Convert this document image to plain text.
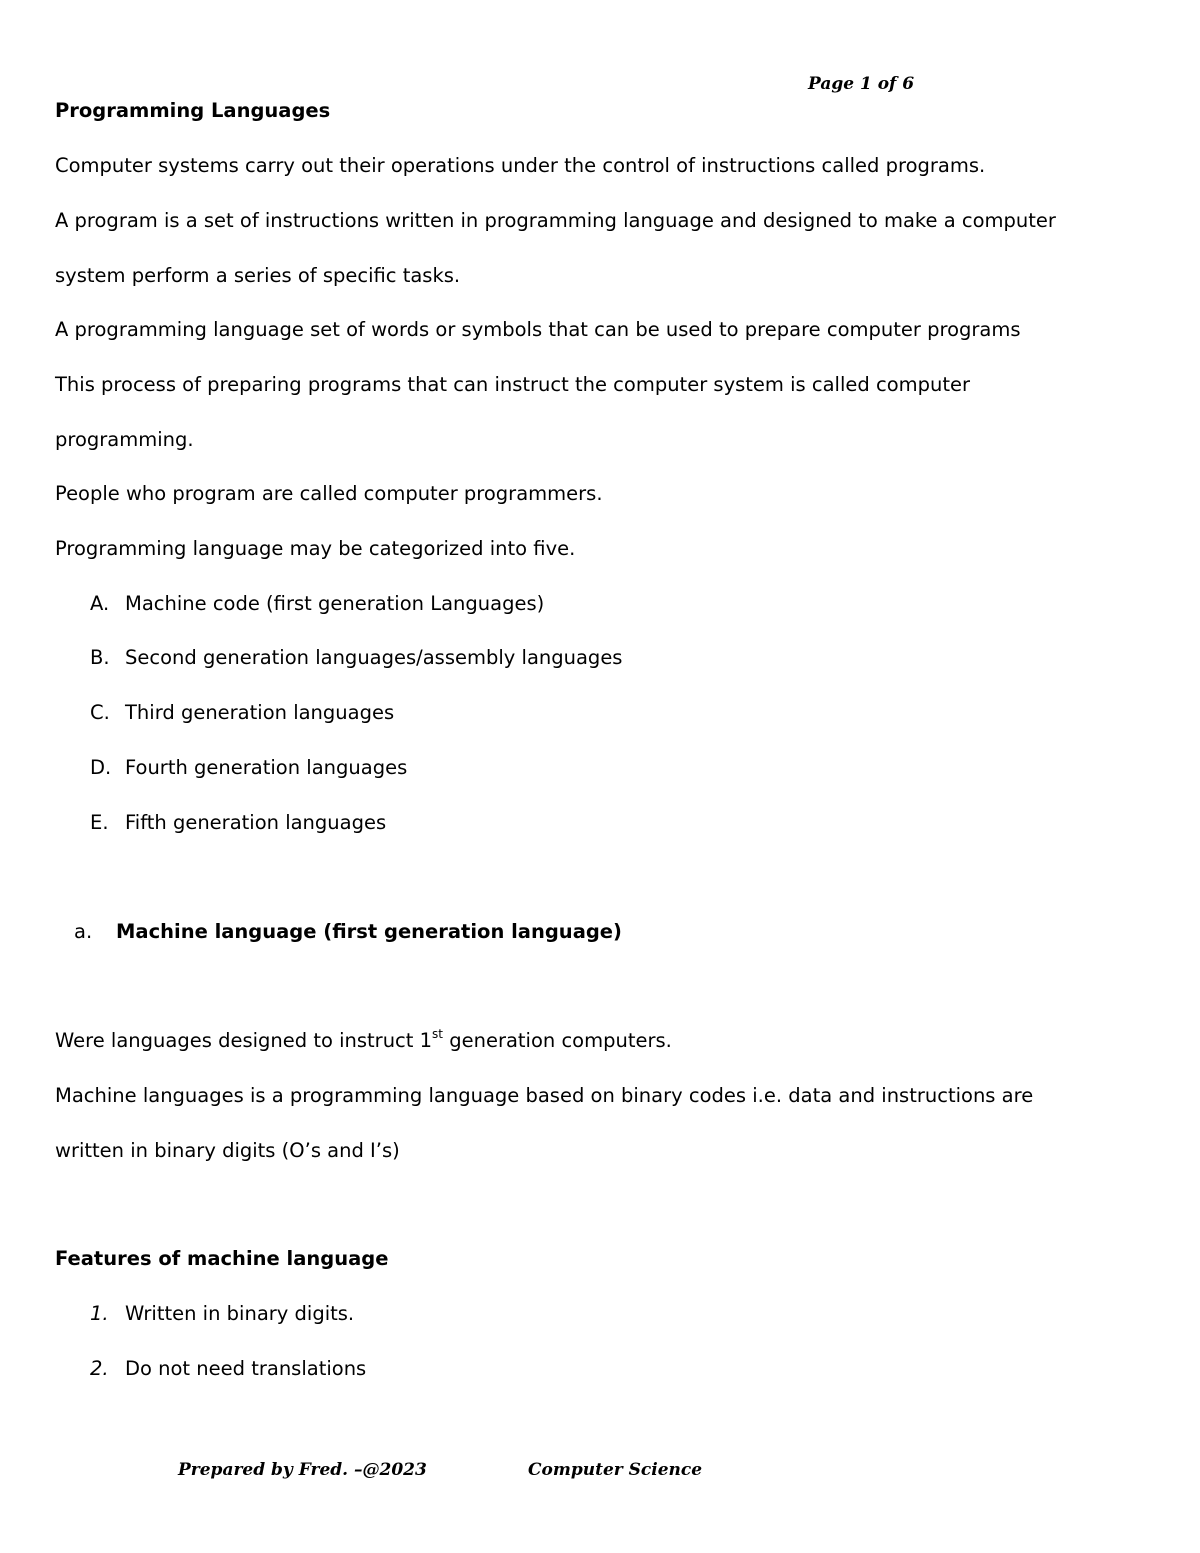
Page 1 of 6
Programming Languages
Computer systems carry out their operations under the control of instructions called programs.
A program is a set of instructions written in programming language and designed to make a computer
system perform a series of specific tasks.
A programming language set of words or symbols that can be used to prepare computer programs
This process of preparing programs that can instruct the computer system is called computer
programming.
People who program are called computer programmers.
Programming language may be categorized into five.
A. Machine code (first generation Languages)
B. Second generation languages/assembly languages
C. Third generation languages
D. Fourth generation languages
E. Fifth generation languages
a. Machine language (first generation language)
Were languages designed to instruct 1st generation computers.
Machine languages is a programming language based on binary codes i.e. data and instructions are
written in binary digits (O’s and I’s)
Features of machine language
1. Written in binary digits.
2. Do not need translations
Prepared by Fred. –@2023	Computer Science
